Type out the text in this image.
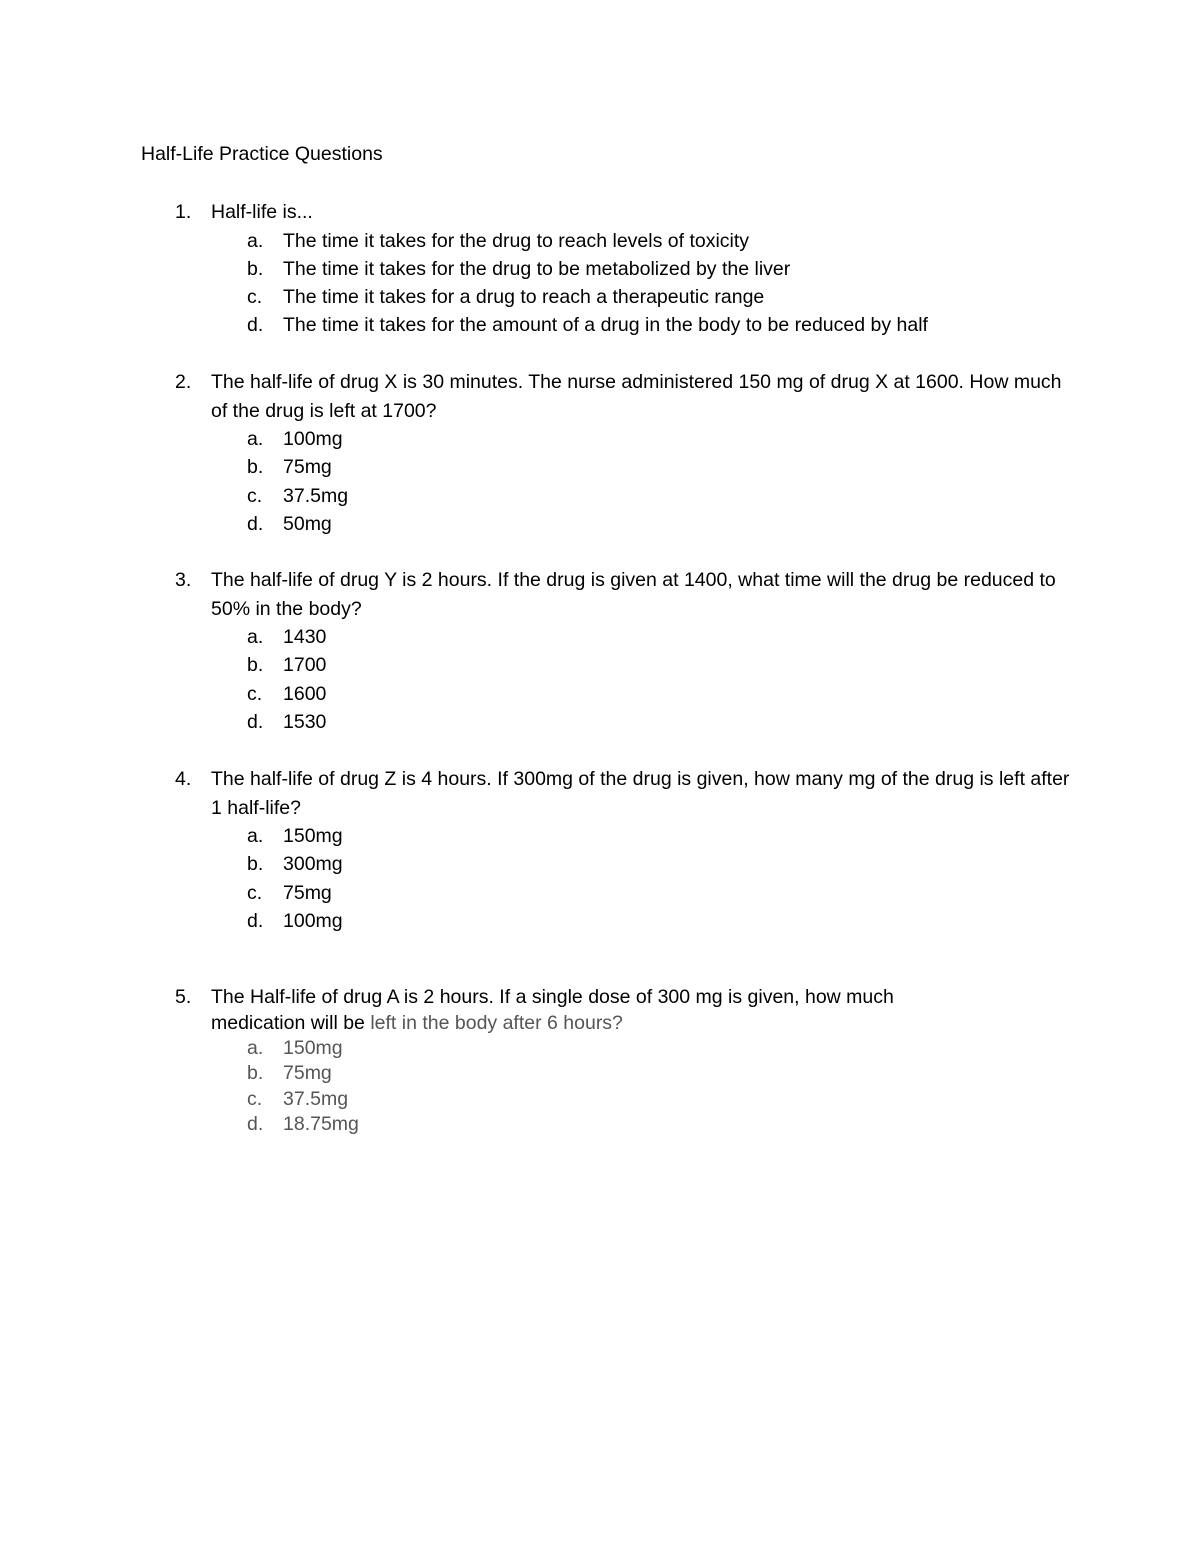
Half-Life Practice Questions
1.	Half-life is...
a.	The time it takes for the drug to reach levels of toxicity
b.	The time it takes for the drug to be metabolized by the liver
c.	The time it takes for a drug to reach a therapeutic range
d.	The time it takes for the amount of a drug in the body to be reduced by half
2.	The half-life of drug X is 30 minutes. The nurse administered 150 mg of drug X at 1600. How much of the drug is left at 1700?
a.	100mg
b.	75mg
c.	37.5mg
d.	50mg
3.	The half-life of drug Y is 2 hours. If the drug is given at 1400, what time will the drug be reduced to 50% in the body?
a.	1430
b.	1700
c.	1600
d.	1530
4.	The half-life of drug Z is 4 hours. If 300mg of the drug is given, how many mg of the drug is left after 1 half-life?
a.	150mg
b.	300mg
c.	75mg
d.	100mg
5.	The Half-life of drug A is 2 hours. If a single dose of 300 mg is given, how much
medication will be left in the body after 6 hours?
a.	150mg
b.	75mg
c.	37.5mg
d.	18.75mg
